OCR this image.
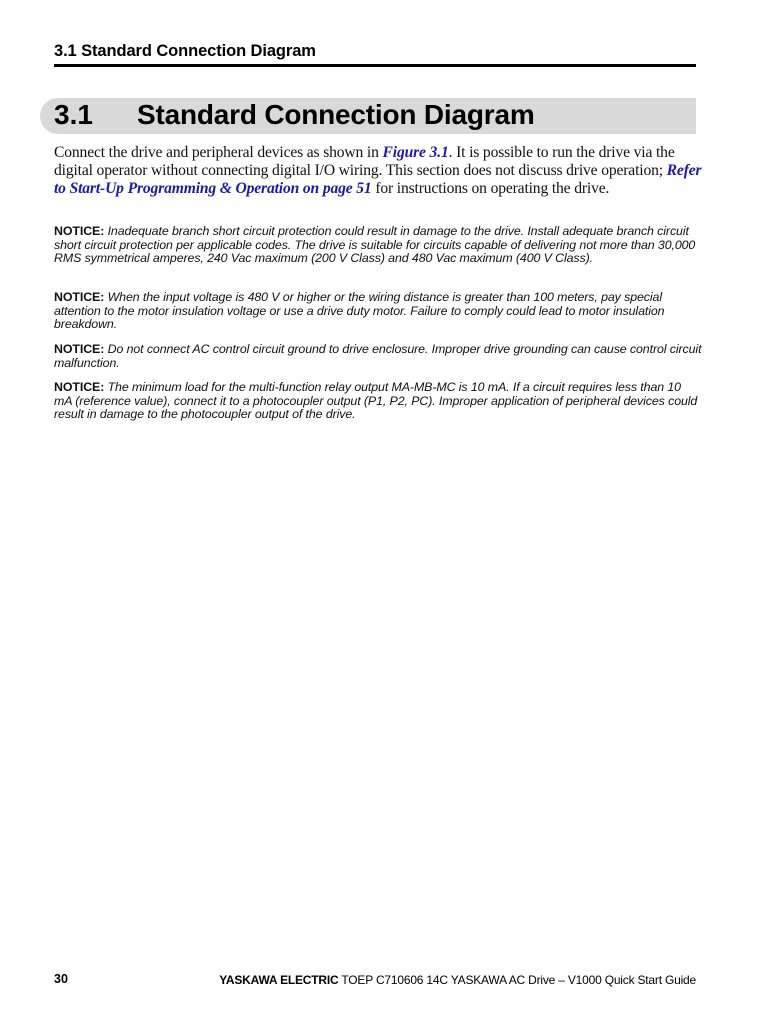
3.1 Standard Connection Diagram
3.1 Standard Connection Diagram

Connect the drive and peripheral devices as shown in Figure 3.1. It is possible to run the drive via the digital operator without connecting digital I/O wiring. This section does not discuss drive operation; Refer to Start-Up Programming & Operation on page 51 for instructions on operating the drive.

NOTICE: Inadequate branch short circuit protection could result in damage to the drive. Install adequate branch circuit short circuit protection per applicable codes. The drive is suitable for circuits capable of delivering not more than 30,000 RMS symmetrical amperes, 240 Vac maximum (200 V Class) and 480 Vac maximum (400 V Class).

NOTICE: When the input voltage is 480 V or higher or the wiring distance is greater than 100 meters, pay special attention to the motor insulation voltage or use a drive duty motor. Failure to comply could lead to motor insulation breakdown.

NOTICE: Do not connect AC control circuit ground to drive enclosure. Improper drive grounding can cause control circuit malfunction.

NOTICE: The minimum load for the multi-function relay output MA-MB-MC is 10 mA. If a circuit requires less than 10 mA (reference value), connect it to a photocoupler output (P1, P2, PC). Improper application of peripheral devices could result in damage to the photocoupler output of the drive.

30	YASKAWA ELECTRIC TOEP C710606 14C YASKAWA AC Drive – V1000 Quick Start Guide
